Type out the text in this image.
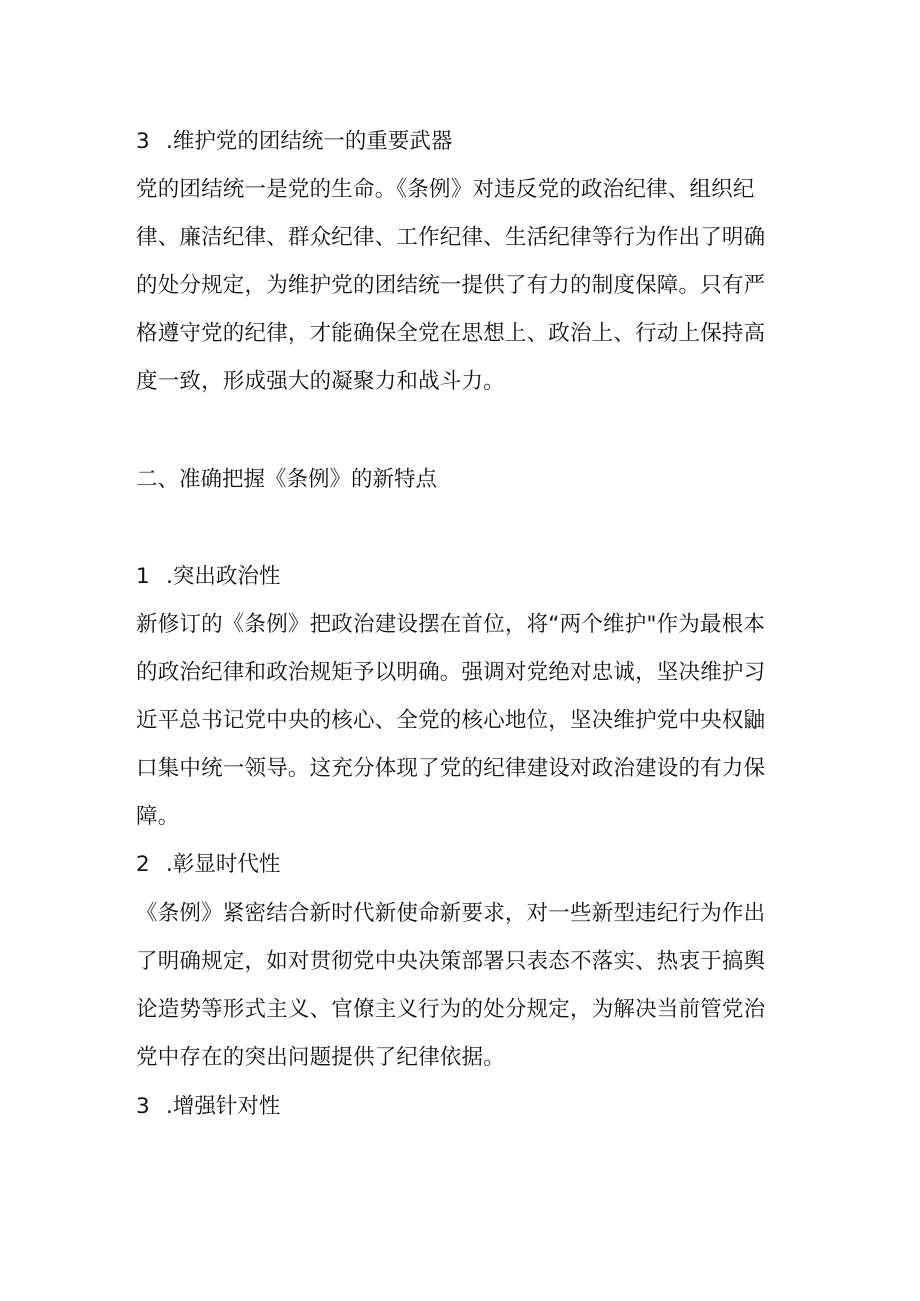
3 .维护党的团结统一的重要武器
党的团结统一是党的生命。《条例》对违反党的政治纪律、组织纪
律、廉洁纪律、群众纪律、工作纪律、生活纪律等行为作出了明确
的处分规定，为维护党的团结统一提供了有力的制度保障。只有严
格遵守党的纪律，才能确保全党在思想上、政治上、行动上保持高
度一致，形成强大的凝聚力和战斗力。
二、准确把握《条例》的新特点
1 .突出政治性
新修订的《条例》把政治建设摆在首位，将“两个维护"作为最根本
的政治纪律和政治规矩予以明确。强调对党绝对忠诚，坚决维护习
近平总书记党中央的核心、全党的核心地位，坚决维护党中央权鼬
口集中统一领导。这充分体现了党的纪律建设对政治建设的有力保
障。
2 .彰显时代性
《条例》紧密结合新时代新使命新要求，对一些新型违纪行为作出
了明确规定，如对贯彻党中央决策部署只表态不落实、热衷于搞舆
论造势等形式主义、官僚主义行为的处分规定，为解决当前管党治
党中存在的突出问题提供了纪律依据。
3 .增强针对性
